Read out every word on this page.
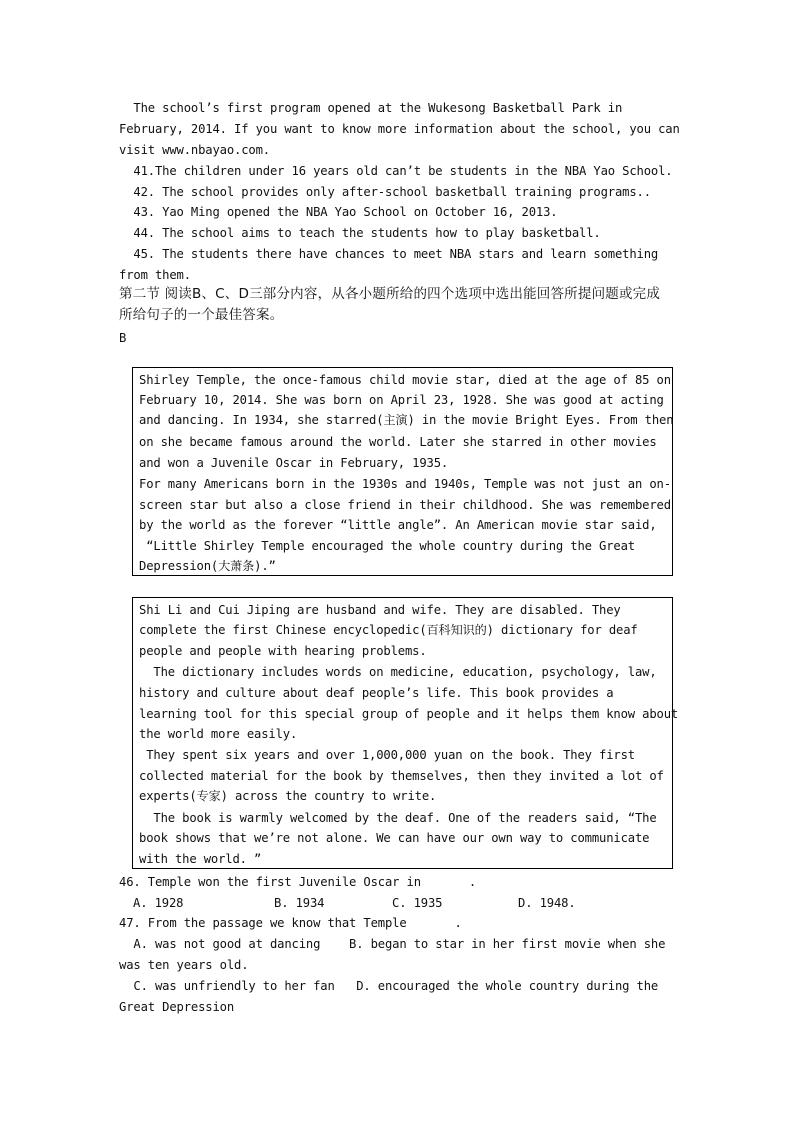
The school’s first program opened at the Wukesong Basketball Park in
February, 2014. If you want to know more information about the school, you can
visit www.nbayao.com.
41.The children under 16 years old can’t be students in the NBA Yao School.
42. The school provides only after-school basketball training programs..
43. Yao Ming opened the NBA Yao School on October 16, 2013.
44. The school aims to teach the students how to play basketball.
45. The students there have chances to meet NBA stars and learn something
from them.
第二节 阅读B、C、D三部分内容，从各小题所给的四个选项中选出能回答所提问题或完成
所给句子的一个最佳答案。
B
Shirley Temple, the once-famous child movie star, died at the age of 85 on
February 10, 2014. She was born on April 23, 1928. She was good at acting
and dancing. In 1934, she starred(主演) in the movie Bright Eyes. From then
on she became famous around the world. Later she starred in other movies
and won a Juvenile Oscar in February, 1935.
For many Americans born in the 1930s and 1940s, Temple was not just an on-
screen star but also a close friend in their childhood. She was remembered
by the world as the forever “little angle”. An American movie star said,
“Little Shirley Temple encouraged the whole country during the Great
Depression(大萧条).”
Shi Li and Cui Jiping are husband and wife. They are disabled. They
complete the first Chinese encyclopedic(百科知识的) dictionary for deaf
people and people with hearing problems.
The dictionary includes words on medicine, education, psychology, law,
history and culture about deaf people’s life. This book provides a
learning tool for this special group of people and it helps them know about
the world more easily.
They spent six years and over 1,000,000 yuan on the book. They first
collected material for the book by themselves, then they invited a lot of
experts(专家) across the country to write.
The book is warmly welcomed by the deaf. One of the readers said, “The
book shows that we’re not alone. We can have our own way to communicate
with the world. ”
46. Temple won the first Juvenile Oscar in	.
A. 1928	B. 1934	C. 1935	D. 1948.
47. From the passage we know that Temple	.
A. was not good at dancing    B. began to star in her first movie when she
was ten years old.
C. was unfriendly to her fan   D. encouraged the whole country during the
Great Depression
